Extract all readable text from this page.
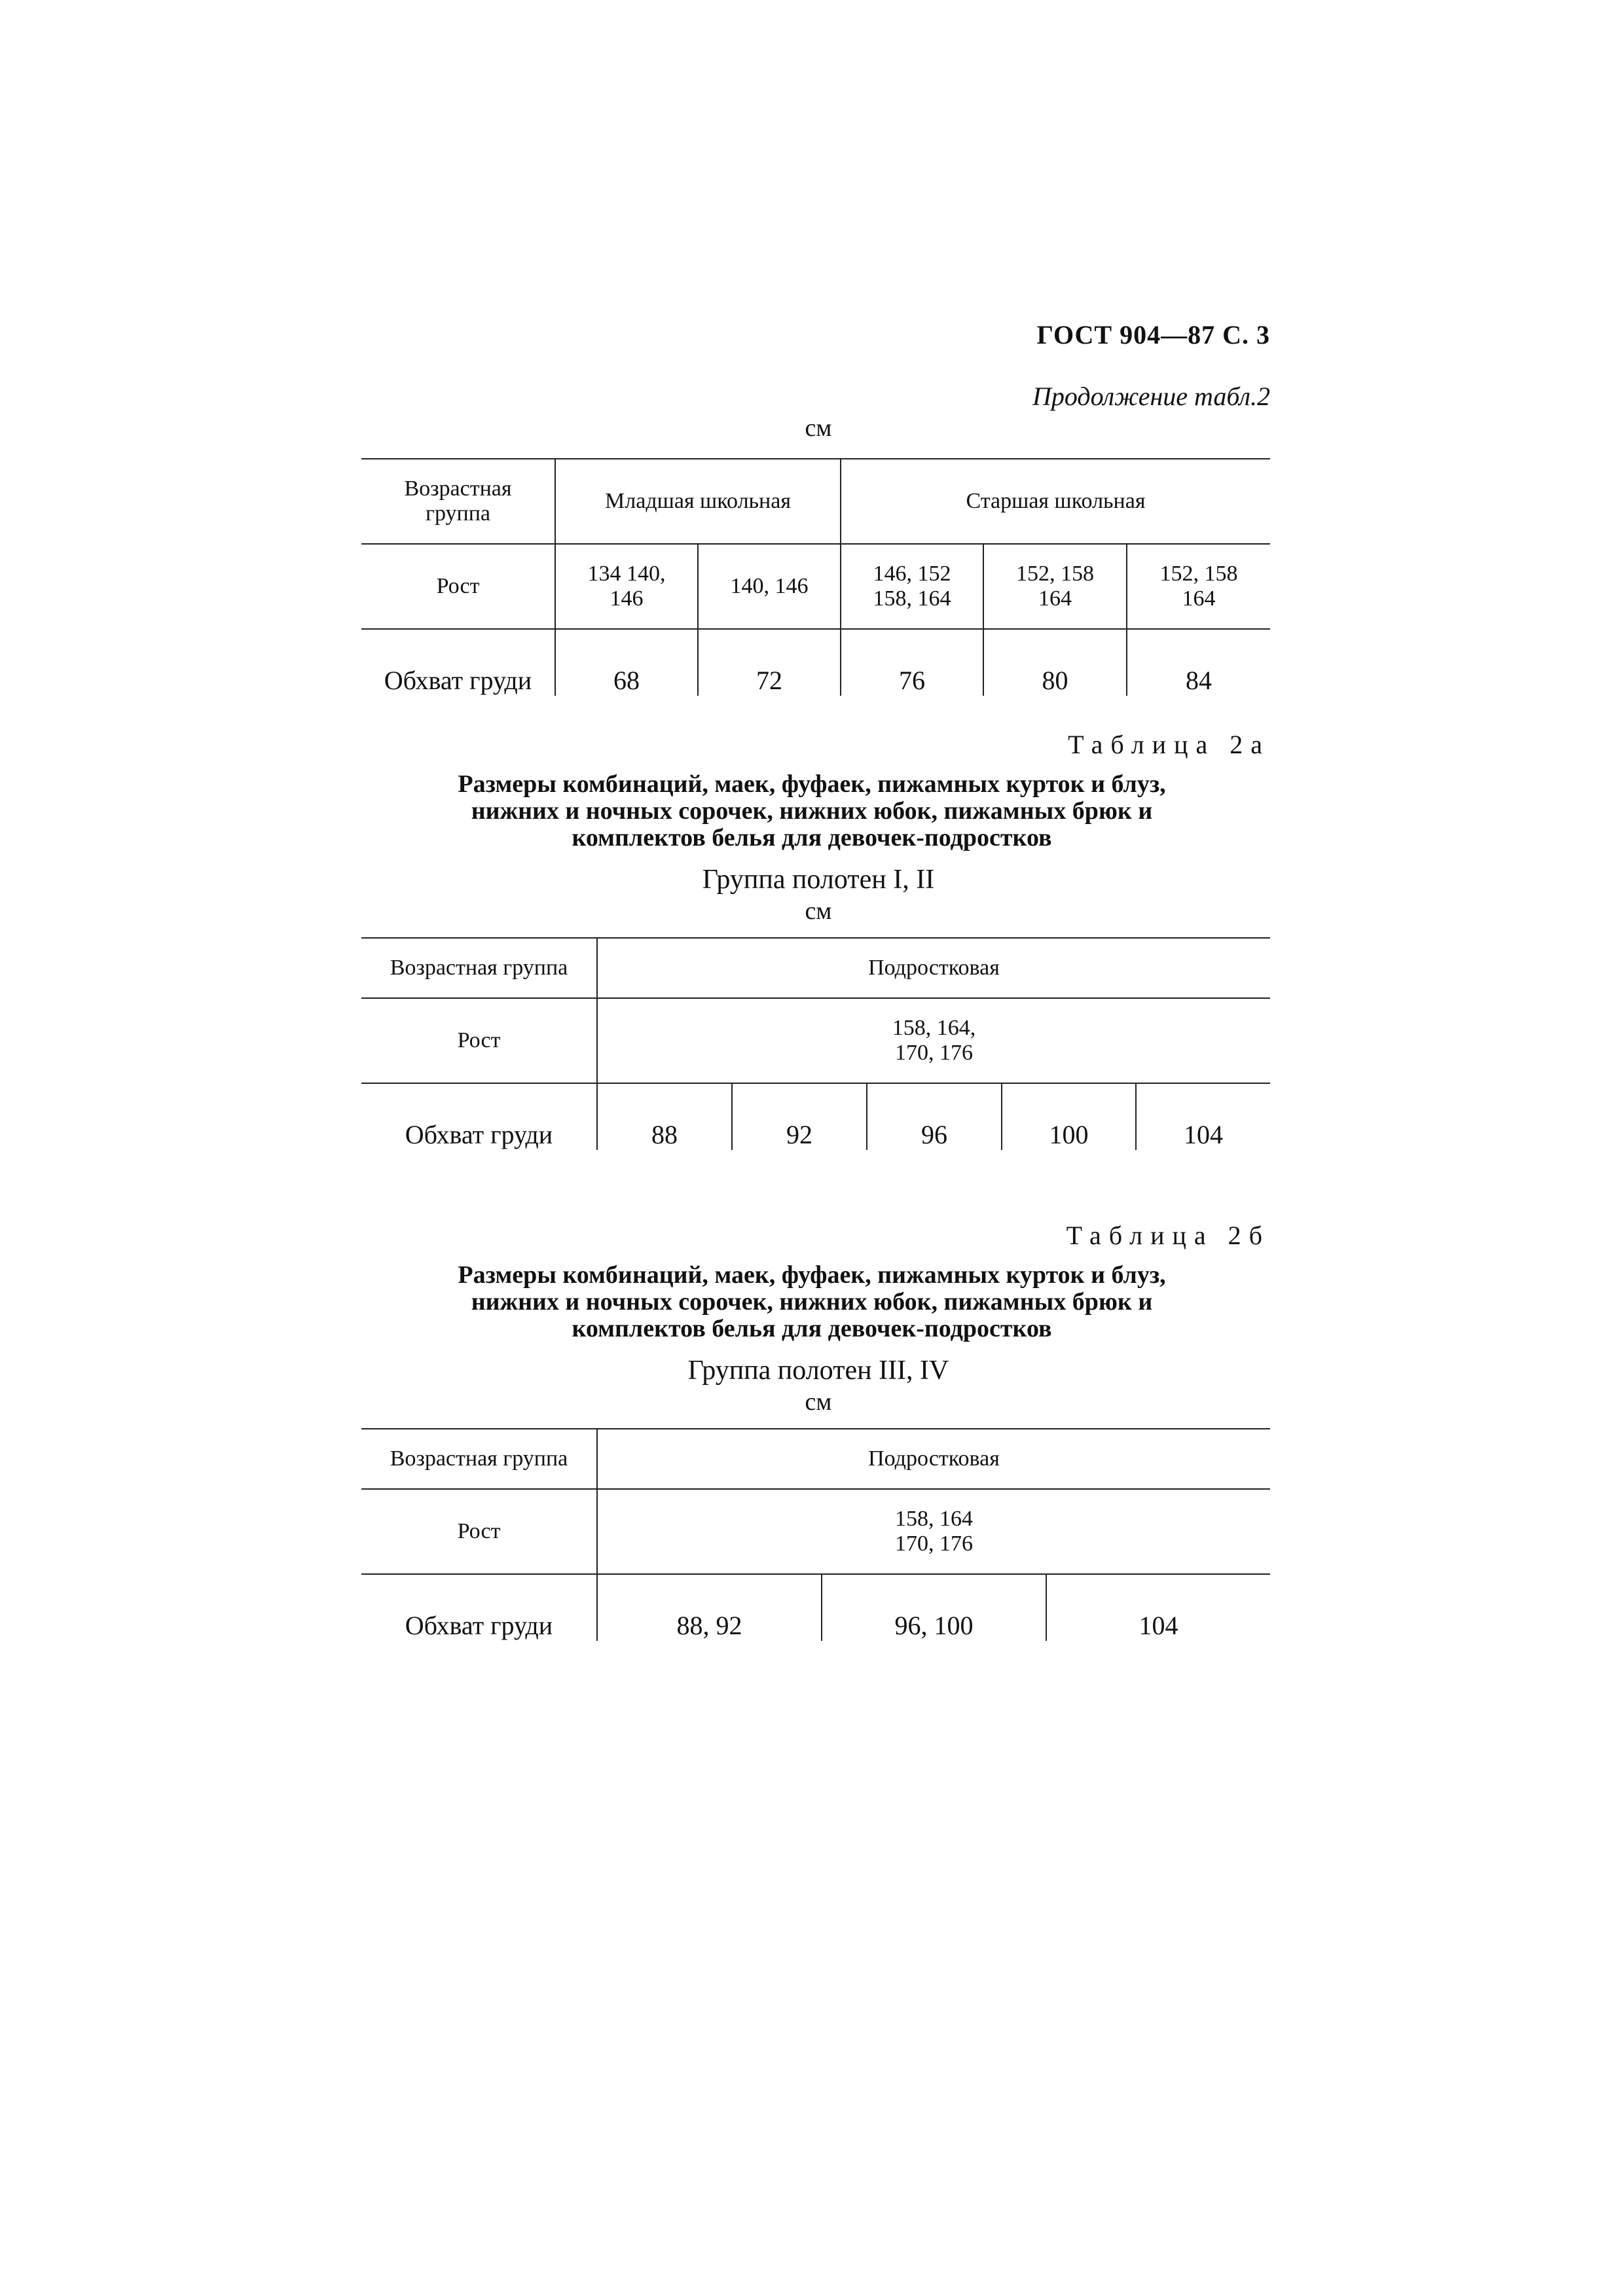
ГОСТ 904—87 С. 3
Продолжение табл.2
см
Возрастная группа	Младшая школьная		Старшая школьная		
Рост	134 140, 146	140, 146	146, 152 158, 164	152, 158 164	152, 158 164
Обхват груди	68	72	76	80	84
Таблица 2а
Размеры комбинаций, маек, фуфаек, пижамных курток и блуз, нижних и ночных сорочек, нижних юбок, пижамных брюк и комплектов белья для девочек-подростков
Группа полотен I, II
см
Возрастная группа	Подростковая				
Рост	158, 164, 170, 176				
Обхват груди	88	92	96	100	104
Таблица 2б
Размеры комбинаций, маек, фуфаек, пижамных курток и блуз, нижних и ночных сорочек, нижних юбок, пижамных брюк и комплектов белья для девочек-подростков
Группа полотен III, IV
см
Возрастная группа	Подростковая		
Рост	158, 164 170, 176		
Обхват груди	88, 92	96, 100	104
